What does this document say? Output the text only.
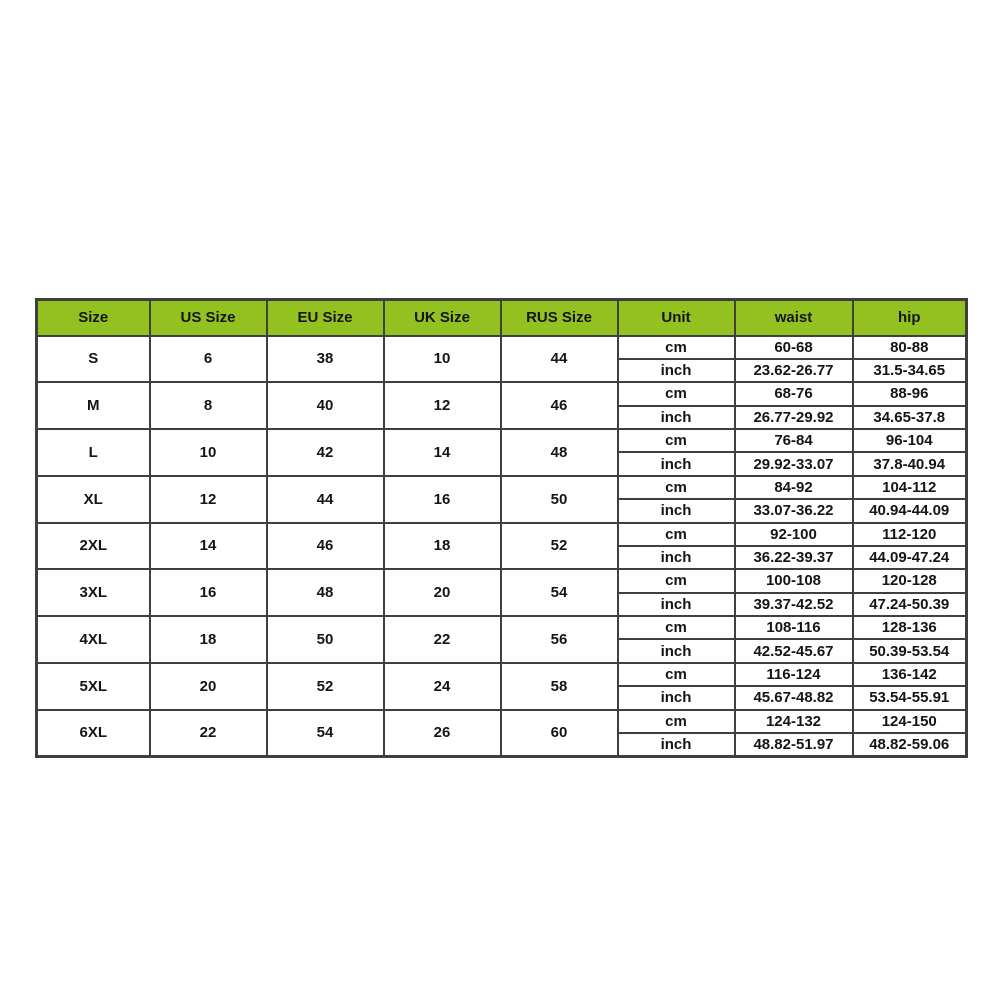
Size	US Size	EU Size	UK Size	RUS Size	Unit	waist	hip
S	6	38	10	44	cm	60-68	80-88
					inch	23.62-26.77	31.5-34.65
M	8	40	12	46	cm	68-76	88-96
					inch	26.77-29.92	34.65-37.8
L	10	42	14	48	cm	76-84	96-104
					inch	29.92-33.07	37.8-40.94
XL	12	44	16	50	cm	84-92	104-112
					inch	33.07-36.22	40.94-44.09
2XL	14	46	18	52	cm	92-100	112-120
					inch	36.22-39.37	44.09-47.24
3XL	16	48	20	54	cm	100-108	120-128
					inch	39.37-42.52	47.24-50.39
4XL	18	50	22	56	cm	108-116	128-136
					inch	42.52-45.67	50.39-53.54
5XL	20	52	24	58	cm	116-124	136-142
					inch	45.67-48.82	53.54-55.91
6XL	22	54	26	60	cm	124-132	124-150
					inch	48.82-51.97	48.82-59.06
